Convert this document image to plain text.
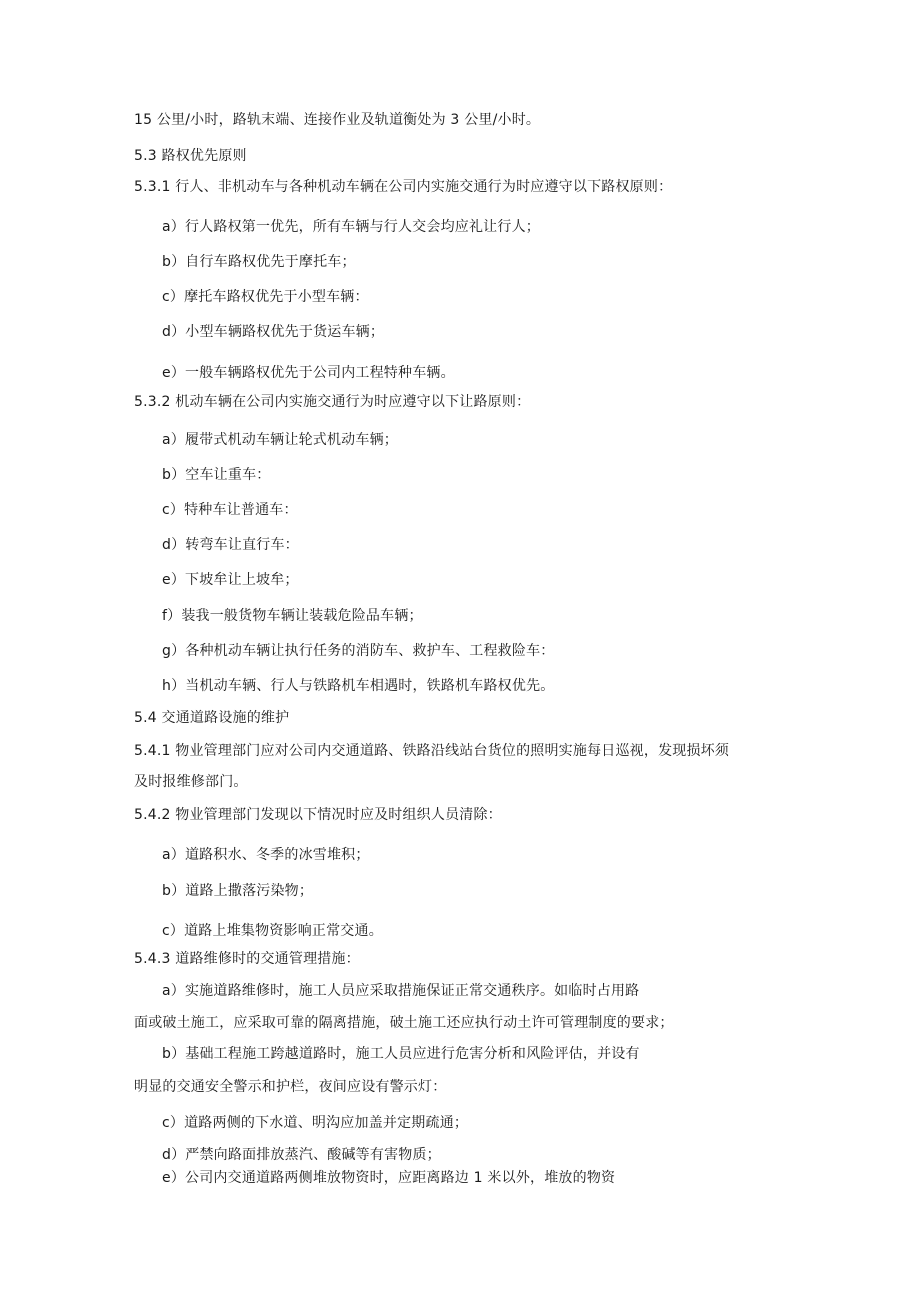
15 公里/小时，路轨末端、连接作业及轨道衡处为 3 公里/小时。
5.3 路权优先原则
5.3.1 行人、非机动车与各种机动车辆在公司内实施交通行为时应遵守以下路权原则：
a）行人路权第一优先，所有车辆与行人交会均应礼让行人；
b）自行车路权优先于摩托车；
c）摩托车路权优先于小型车辆：
d）小型车辆路权优先于货运车辆；
e）一般车辆路权优先于公司内工程特种车辆。
5.3.2 机动车辆在公司内实施交通行为时应遵守以下让路原则：
a）履带式机动车辆让轮式机动车辆；
b）空车让重车：
c）特种车让普通车：
d）转弯车让直行车：
e）下坡牟让上坡牟；
f）装我一般货物车辆让装载危险品车辆；
g）各种机动车辆让执行任务的消防车、救护车、工程救险车：
h）当机动车辆、行人与铁路机车相遇时，铁路机车路权优先。
5.4 交通道路设施的维护
5.4.1 物业管理部门应对公司内交通道路、铁路沿线站台货位的照明实施每日巡视，发现损坏须
及时报维修部门。
5.4.2 物业管理部门发现以下情况时应及时组织人员清除：
a）道路积水、冬季的冰雪堆积；
b）道路上撒落污染物；
c）道路上堆集物资影响正常交通。
5.4.3 道路维修时的交通管理措施：
a）实施道路维修时，施工人员应采取措施保证正常交通秩序。如临时占用路
面或破土施工，应采取可靠的隔离措施，破土施工还应执行动土许可管理制度的要求；
b）基础工程施工跨越道路时，施工人员应进行危害分析和风险评估，并设有
明显的交通安全警示和护栏，夜间应设有警示灯：
c）道路两侧的下水道、明沟应加盖并定期疏通；
d）严禁向路面排放蒸汽、酸碱等有害物质；
e）公司内交通道路两侧堆放物资时，应距离路边 1 米以外，堆放的物资
